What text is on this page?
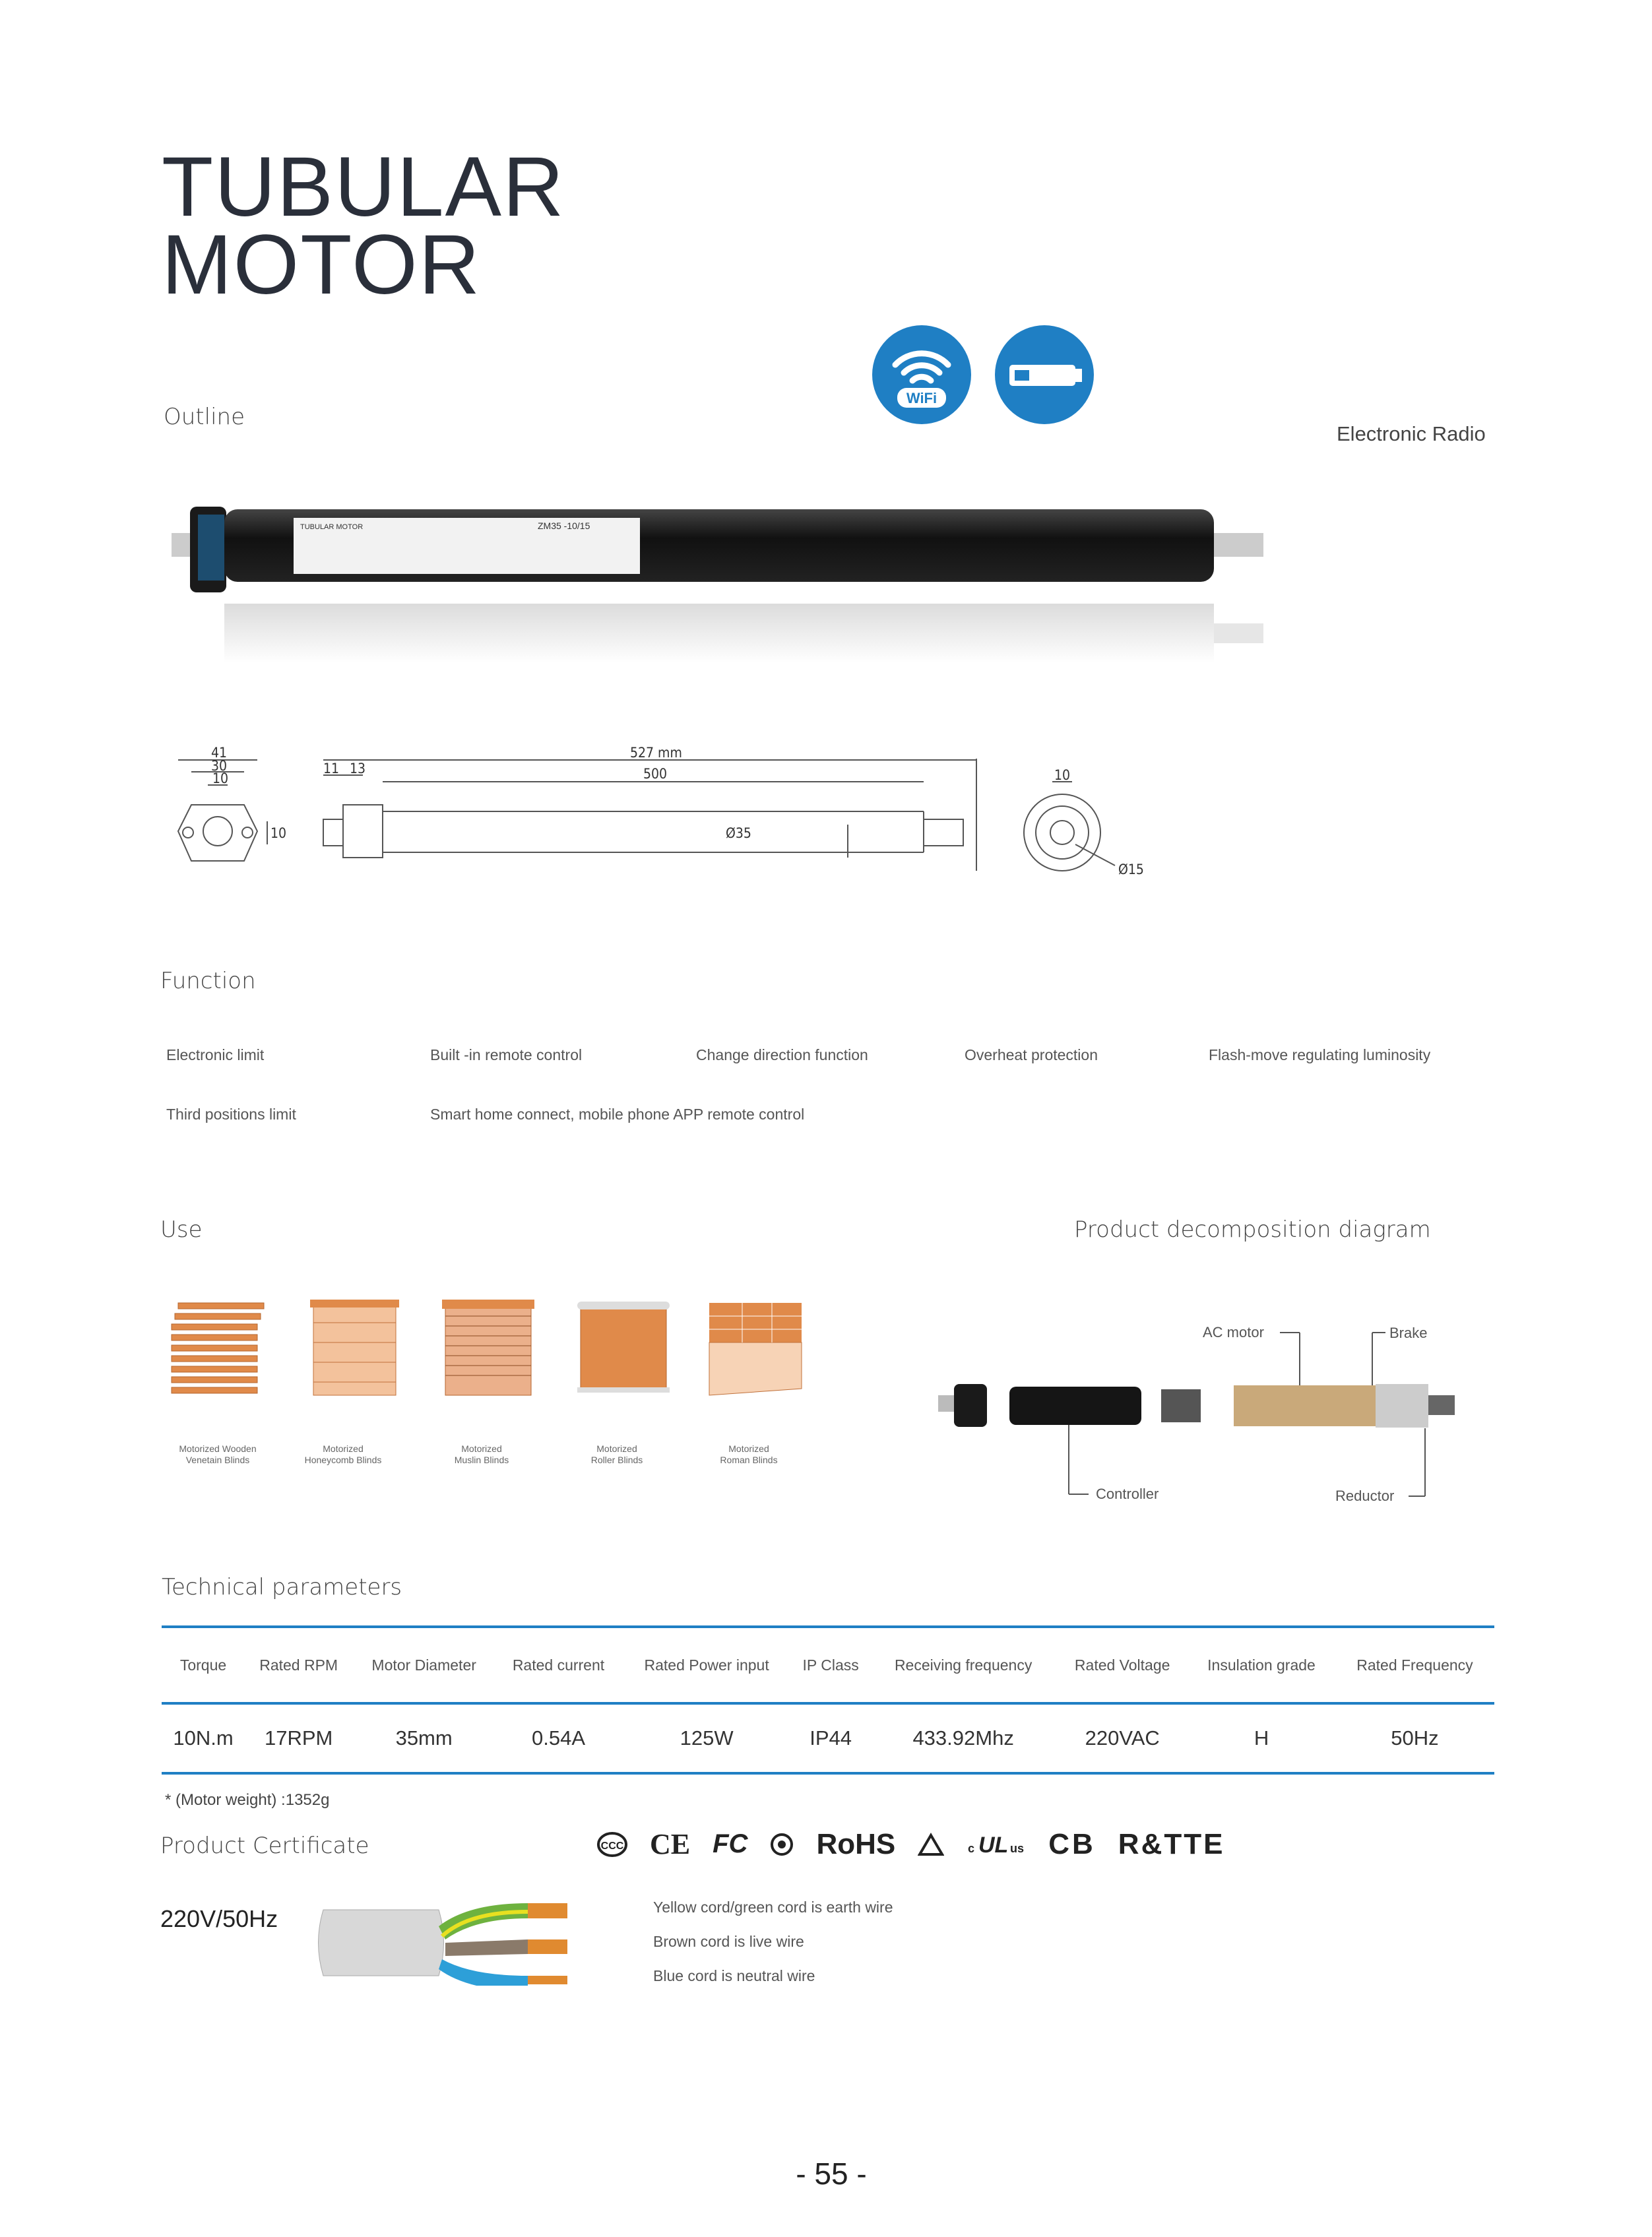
TUBULAR
MOTOR
WiFi
Electronic Radio
Outline
TUBULAR MOTOR	ZM35 -10/15
41
30
10
10
11 13
527 mm
500
Ø35
10
Ø15
Function
Electronic limit	Built -in remote control	Change direction function	Overheat protection	Flash-move regulating luminosity
Third positions limit	Smart home connect, mobile phone APP remote control
Use	Product decomposition diagram
Motorized Wooden
Venetain Blinds
Motorized
Honeycomb Blinds
Motorized
Muslin Blinds
Motorized
Roller Blinds
Motorized
Roman Blinds
AC motor	Brake
Controller	Reductor
Technical parameters
Torque	Rated RPM	Motor Diameter	Rated current	Rated Power input	IP Class	Receiving frequency	Rated Voltage	Insulation grade	Rated Frequency
10N.m	17RPM	35mm	0.54A	125W	IP44	433.92Mhz	220VAC	H	50Hz
* (Motor weight) :1352g
Product Certificate	CCC CE FC RoHS	c UL us CB R&TTE
220V/50Hz	Yellow cord/green cord is earth wire
Brown cord is live wire
Blue cord is neutral wire
- 55 -
